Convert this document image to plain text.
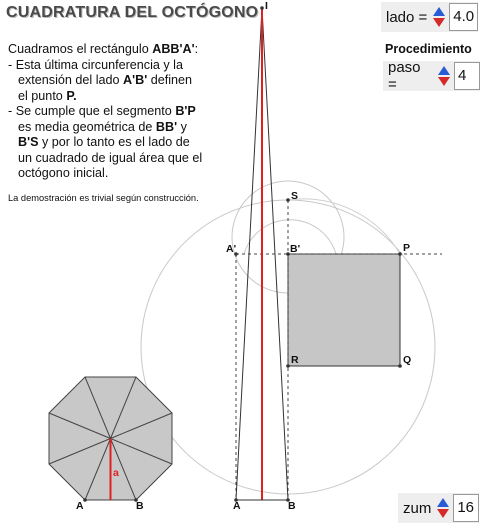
CUADRATURA DEL OCTÓGONO

Cuadramos el rectángulo ABB'A':

- Esta última circunferencia y la

extensión del lado A'B' definen

el punto P.

- Se cumple que el segmento B'P

es media geométrica de BB' y

B'S y por lo tanto es el lado de

un cuadrado de igual área que el

octógono inicial.

La demostración es trivial según construcción.
lado = 4.0
Procedimiento
paso =
4
zum 16
I
S
A'	B'	P
R	Q
A	B
A	B
a
